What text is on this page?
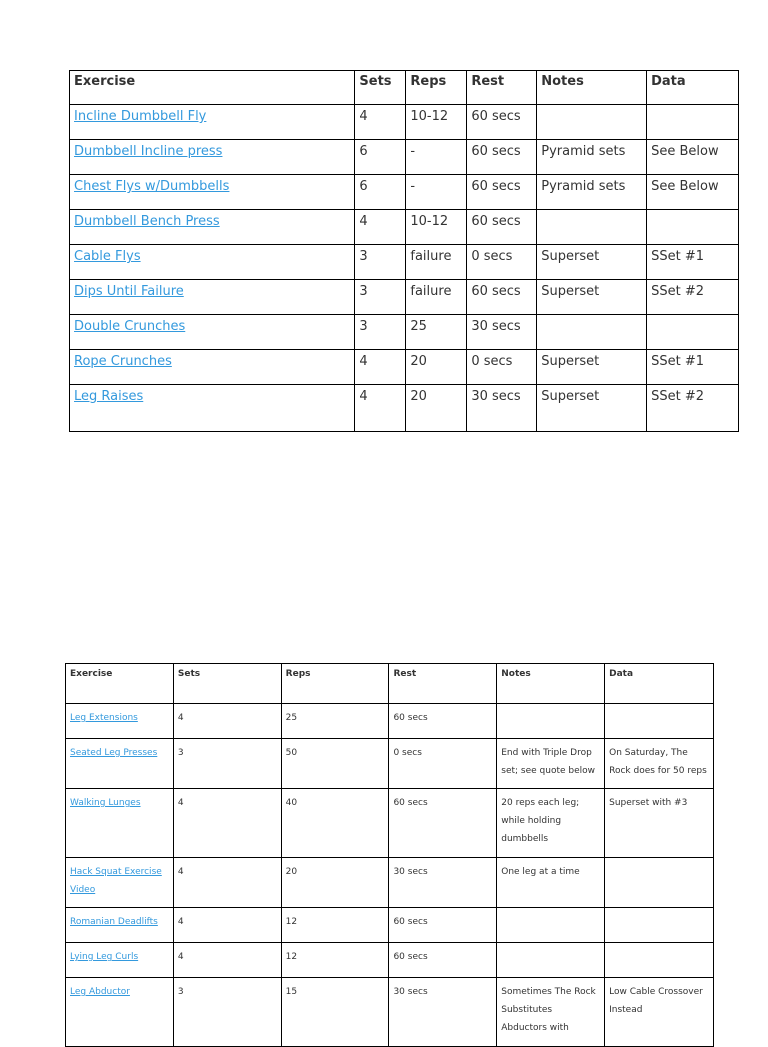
Exercise	Sets	Reps	Rest	Notes	Data
Incline Dumbbell Fly	4	10-12	60 secs		
Dumbbell Incline press	6	-	60 secs	Pyramid sets	See Below
Chest Flys w/Dumbbells	6	-	60 secs	Pyramid sets	See Below
Dumbbell Bench Press	4	10-12	60 secs		
Cable Flys	3	failure	0 secs	Superset	SSet #1
Dips Until Failure	3	failure	60 secs	Superset	SSet #2
Double Crunches	3	25	30 secs		
Rope Crunches	4	20	0 secs	Superset	SSet #1
Leg Raises	4	20	30 secs	Superset	SSet #2
Exercise	Sets	Reps	Rest	Notes	Data
Leg Extensions	4	25	60 secs		
Seated Leg Presses	3	50	0 secs	End with Triple Drop set; see quote below	On Saturday, The Rock does for 50 reps
Walking Lunges	4	40	60 secs	20 reps each leg; while holding dumbbells	Superset with #3
Hack Squat Exercise Video	4	20	30 secs	One leg at a time	
Romanian Deadlifts	4	12	60 secs		
Lying Leg Curls	4	12	60 secs		
Leg Abductor	3	15	30 secs	Sometimes The Rock Substitutes Abductors with	Low Cable Crossover Instead
